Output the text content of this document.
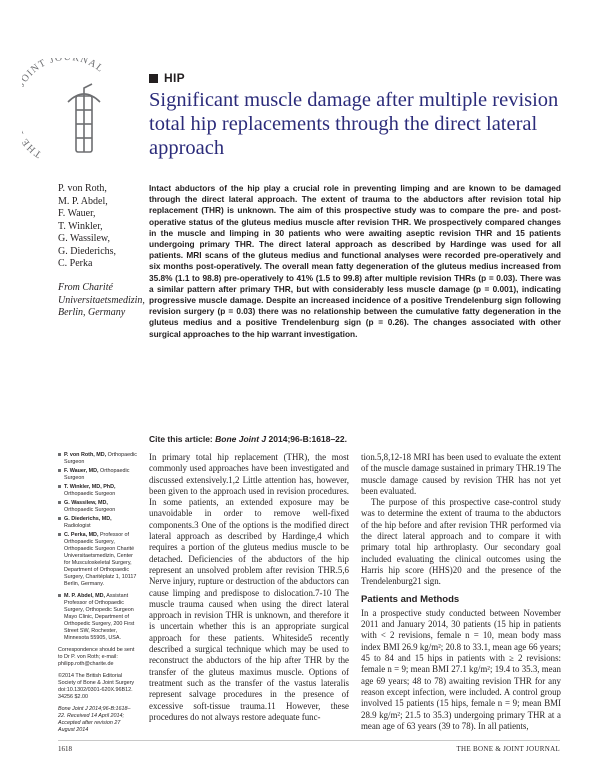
TH INT JO RNAL
HIP
Significant muscle damage after multiple revision total hip replacements through the direct lateral approach
P. von Roth,
M. P. Abdel,
F. Wauer,
T. Winkler,
G. Wassilew,
G. Diederichs,
C. Perka
From Charité Universitaetsmedizin, Berlin, Germany

Intact abductors of the hip play a crucial role in preventing limping and are known to be damaged through the direct lateral approach. The extent of trauma to the abductors after revision total hip replacement (THR) is unknown. The aim of this prospective study was to compare the pre- and post-operative status of the gluteus medius muscle after revision THR. We prospectively compared changes in the muscle and limping in 30 patients who were awaiting aseptic revision THR and 15 patients undergoing primary THR. The direct lateral approach as described by Hardinge was used for all patients. MRI scans of the gluteus medius and functional analyses were recorded pre-operatively and six months post-operatively. The overall mean fatty degeneration of the gluteus medius increased from 35.8% (1.1 to 98.8) pre-operatively to 41% (1.5 to 99.8) after multiple revision THRs (p = 0.03). There was a similar pattern after primary THR, but with considerably less muscle damage (p = 0.001), indicating progressive muscle damage. Despite an increased incidence of a positive Trendelenburg sign following revision surgery (p = 0.03) there was no relationship between the cumulative fatty degeneration in the gluteus medius and a positive Trendelenburg sign (p = 0.26). The changes associated with other surgical approaches to the hip warrant investigation.

Cite this article: Bone Joint J 2014;96-B:1618–22.
P. von Roth, MD, Orthopaedic Surgeon
F. Wauer, MD, Orthopaedic Surgeon
T. Winkler, MD, PhD, Orthopaedic Surgeon
G. Wassilew, MD, Orthopaedic Surgeon
G. Diederichs, MD, Radiologist
C. Perka, MD, Professor of Orthopaedic Surgery, Orthopaedic Surgeon Charité Universitaetsmedizin, Center for Musculoskeletal Surgery, Department of Orthopaedic Surgery, Charitéplatz 1, 10117 Berlin, Germany.
M. P. Abdel, MD, Assistant Professor of Orthopaedic Surgery, Orthopedic Surgeon Mayo Clinic, Department of Orthopedic Surgery, 200 First Street SW, Rochester, Minnesota 55905, USA.
Correspondence should be sent to Dr P. von Roth; e-mail: philipp.roth@charite.de
©2014 The British Editorial Society of Bone & Joint Surgery doi:10.1302/0301-620X.96B12. 34256 $2.00
Bone Joint J 2014;96-B:1618–22. Received 14 April 2014; Accepted after revision 27 August 2014

In primary total hip replacement (THR), the most commonly used approaches have been investigated and discussed extensively.1,2 Little attention has, however, been given to the approach used in revision procedures. In some patients, an extended exposure may be unavoidable in order to remove well-fixed components.3 One of the options is the modified direct lateral approach as described by Hardinge,4 which requires a portion of the gluteus medius muscle to be detached. Deficiencies of the abductors of the hip represent an unsolved problem after revision THR.5,6 Nerve injury, rupture or destruction of the abductors can cause limping and predispose to dislocation.7-10 The muscle trauma caused when using the direct lateral approach in revision THR is unknown, and therefore it is uncertain whether this is an appropriate surgical approach for these patients. Whiteside5 recently described a surgical technique which may be used to reconstruct the abductors of the hip after THR by the transfer of the gluteus maximus muscle. Options of treatment such as the transfer of the vastus lateralis represent salvage procedures in the presence of excessive soft-tissue trauma.11 However, these procedures do not always restore adequate func-

tion.5,8,12-18 MRI has been used to evaluate the extent of the muscle damage sustained in primary THR.19 The muscle damage caused by revision THR has not yet been evaluated.

The purpose of this prospective case-control study was to determine the extent of trauma to the abductors of the hip before and after revision THR performed via the direct lateral approach and to compare it with primary total hip arthroplasty. Our secondary goal included evaluating the clinical outcomes using the Harris hip score (HHS)20 and the presence of the Trendelenburg21 sign.

Patients and Methods

In a prospective study conducted between November 2011 and January 2014, 30 patients (15 hip in patients with < 2 revisions, female n = 10, mean body mass index BMI 26.9 kg/m²; 20.8 to 33.1, mean age 66 years; 45 to 84 and 15 hips in patients with ≥ 2 revisions: female n = 9; mean BMI 27.1 kg/m²; 19.4 to 35.3, mean age 69 years; 48 to 78) awaiting revision THR for any reason except infection, were included. A control group involved 15 patients (15 hips, female n = 9; mean BMI 28.9 kg/m²; 21.5 to 35.3) undergoing primary THR at a mean age of 63 years (39 to 78). In all patients,

1618	THE BONE & JOINT JOURNAL
